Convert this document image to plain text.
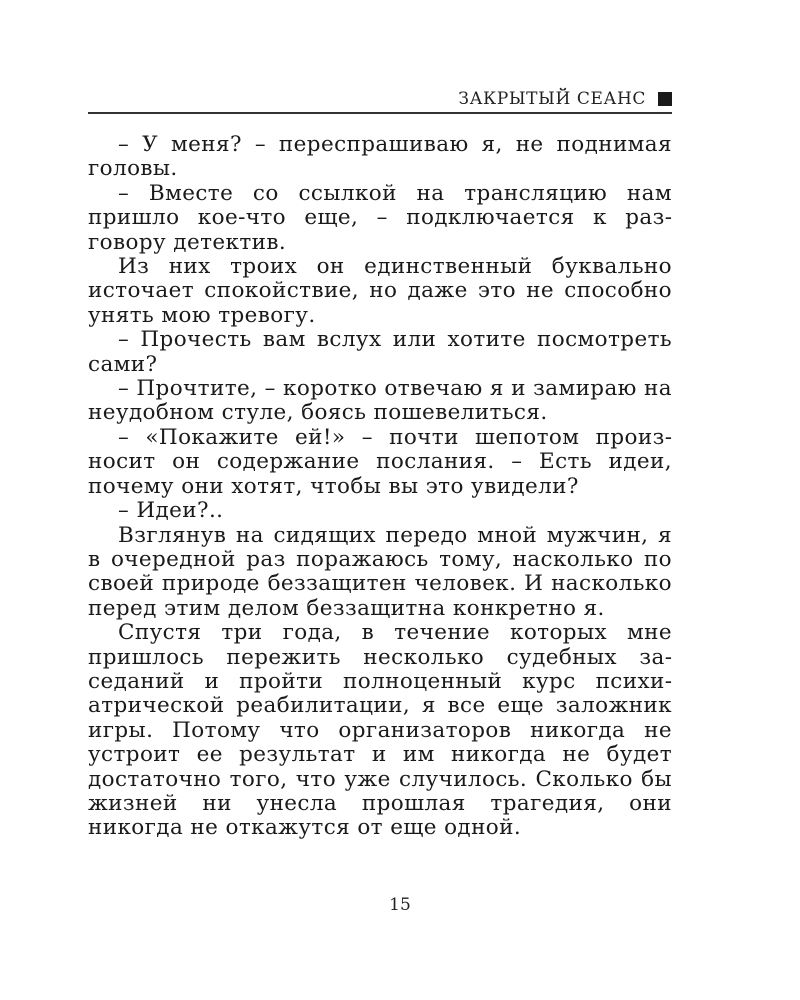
ЗАКРЫТЫЙ СЕАНС

– У меня? – переспрашиваю я, не поднимая головы.

– Вместе со ссылкой на трансляцию нам пришло кое-что еще, – подключается к разговору детектив.

Из них троих он единственный буквально источает спокойствие, но даже это не способно унять мою тревогу.

– Прочесть вам вслух или хотите посмотреть сами?

– Прочтите, – коротко отвечаю я и замираю на неудобном стуле, боясь пошевелиться.

– «Покажите ей!» – почти шепотом произносит он содержание послания. – Есть идеи, почему они хотят, чтобы вы это увидели?

– Идеи?..

Взглянув на сидящих передо мной мужчин, я в очередной раз поражаюсь тому, насколько по своей природе беззащитен человек. И насколько перед этим делом беззащитна конкретно я.

Спустя три года, в течение которых мне пришлось пережить несколько судебных заседаний и пройти полноценный курс психиатрической реабилитации, я все еще заложник игры. Потому что организаторов никогда не устроит ее результат и им никогда не будет достаточно того, что уже случилось. Сколько бы жизней ни унесла прошлая трагедия, они никогда не откажутся от еще одной.

15
